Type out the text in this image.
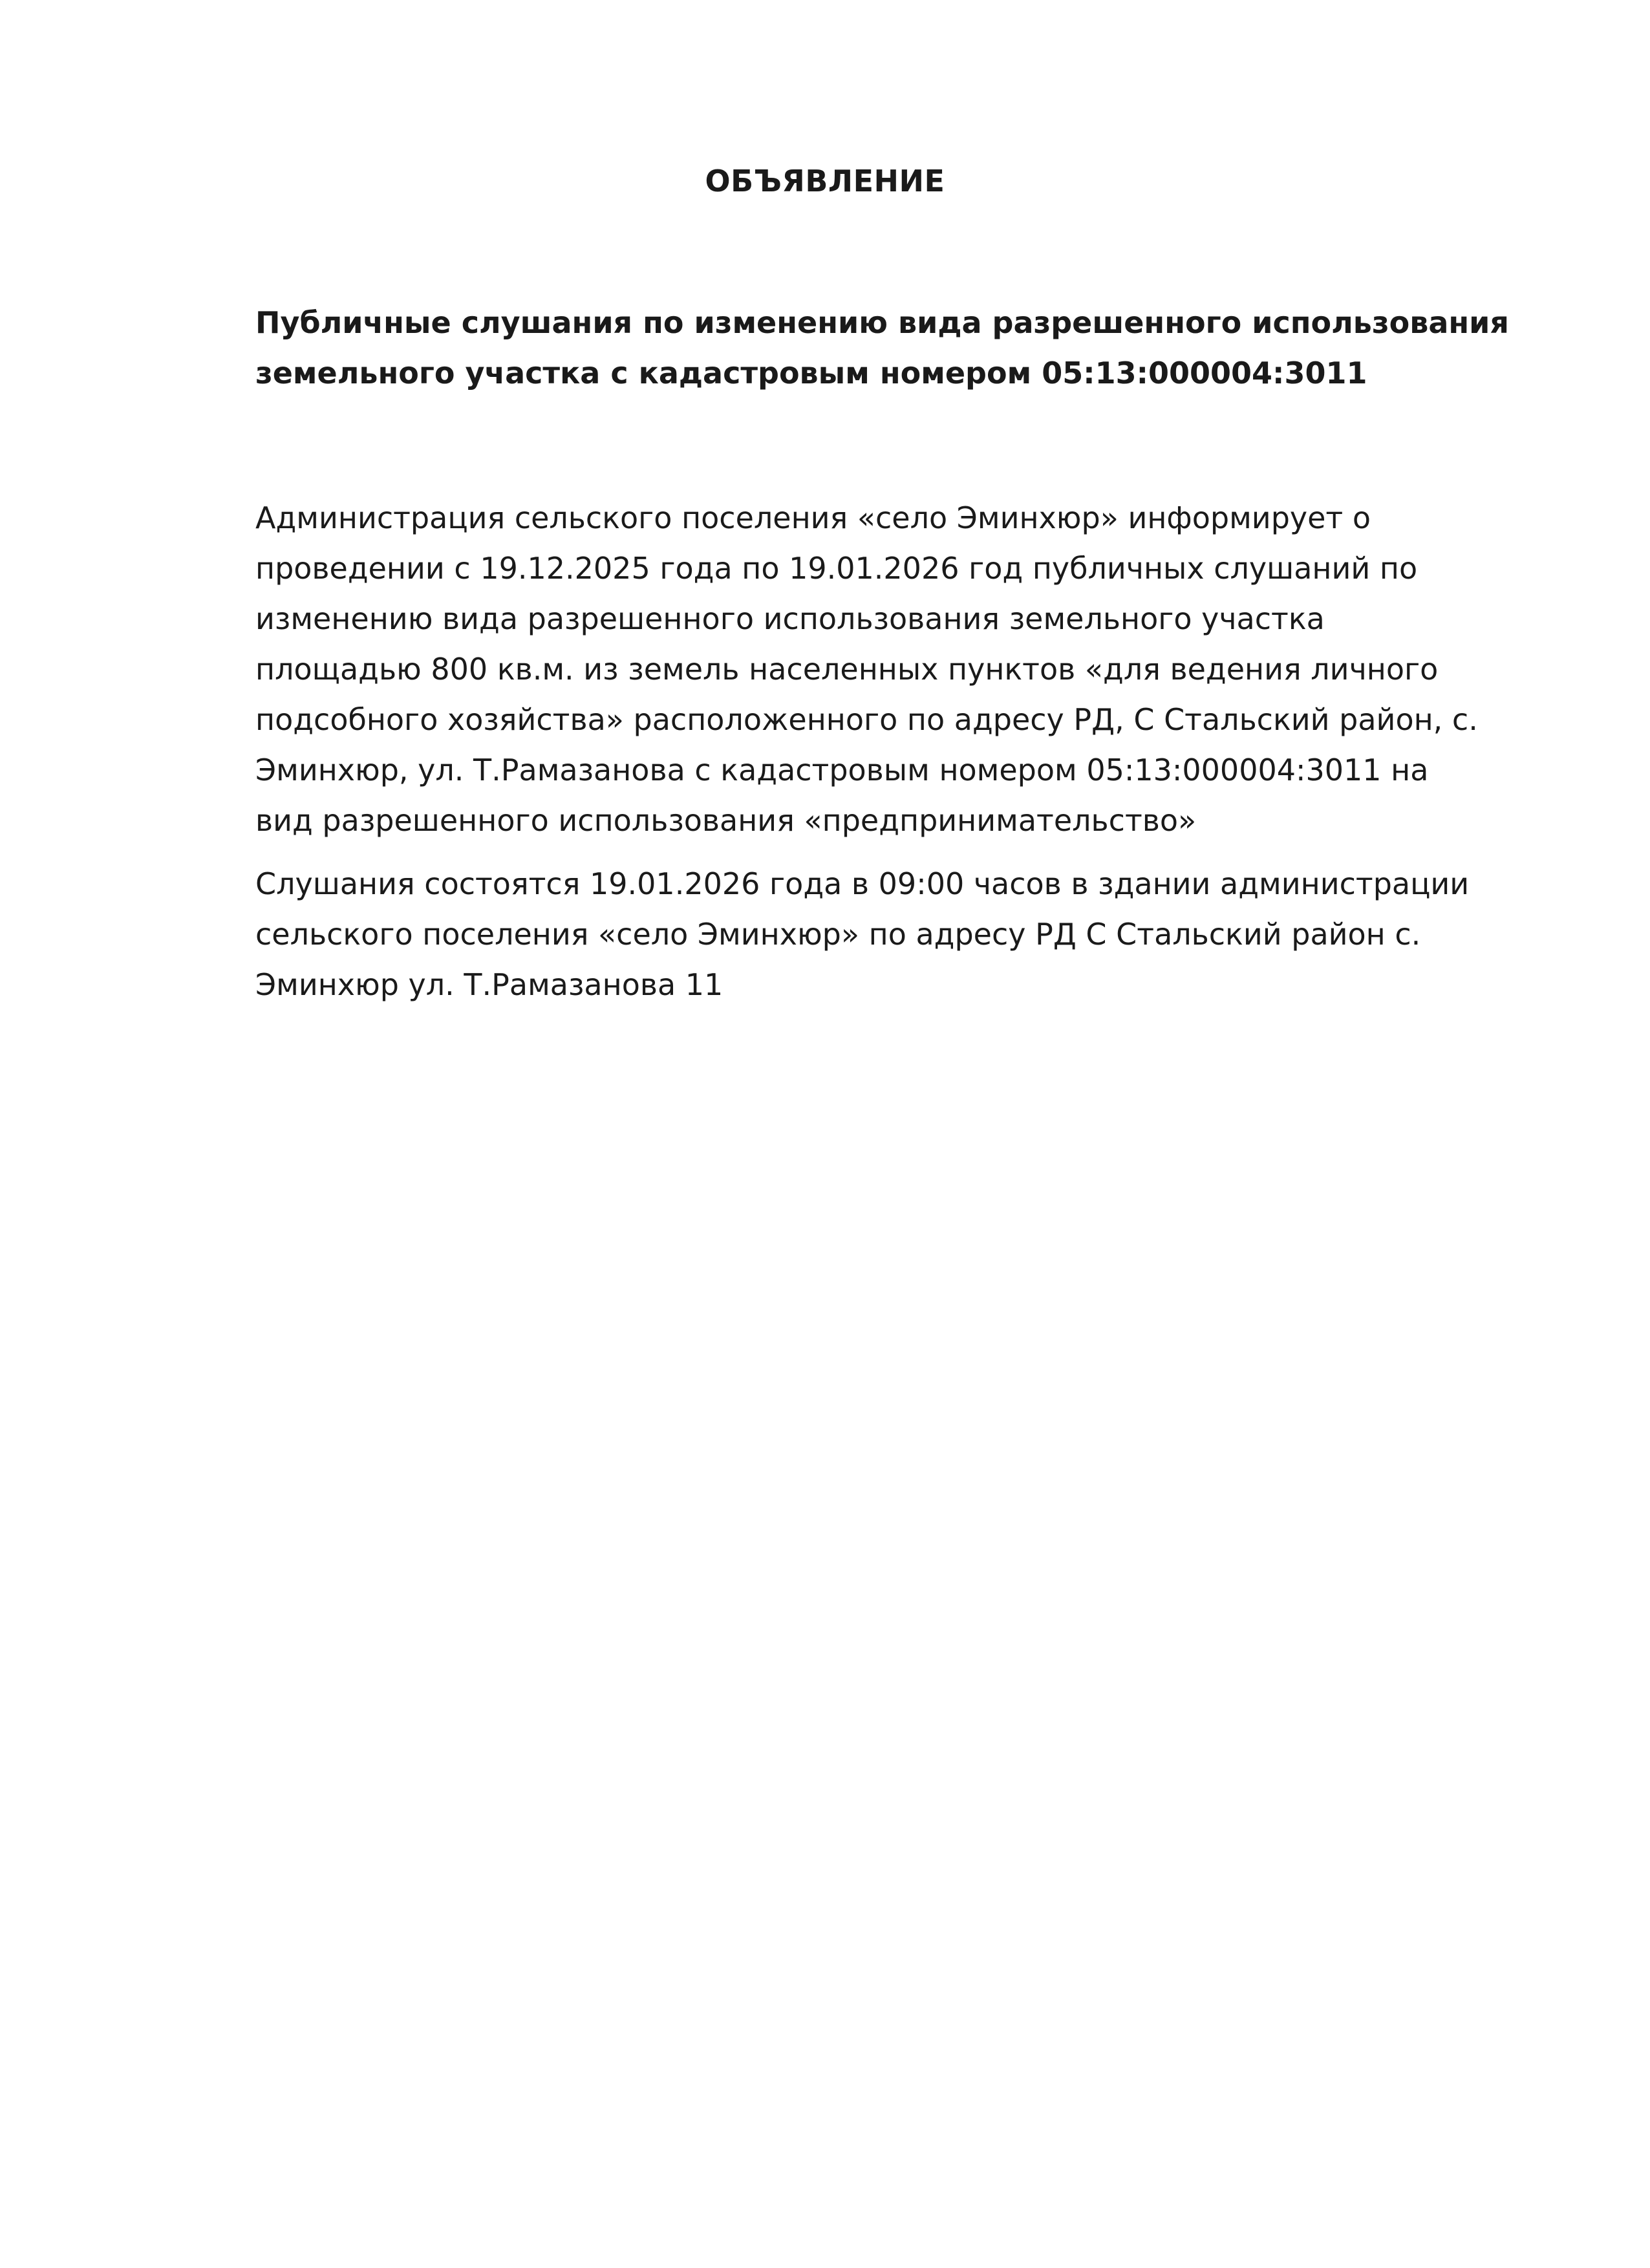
ОБЪЯВЛЕНИЕ
Публичные слушания по изменению вида разрешенного использования
земельного участка с кадастровым номером 05:13:000004:3011

Администрация сельского поселения «село Эминхюр» информирует о
проведении с 19.12.2025 года по 19.01.2026 год публичных слушаний по
изменению вида разрешенного использования земельного участка
площадью 800 кв.м. из земель населенных пунктов «для ведения личного
подсобного хозяйства» расположенного по адресу РД, С Стальский район, с.
Эминхюр, ул. Т.Рамазанова с кадастровым номером 05:13:000004:3011 на
вид разрешенного использования «предпринимательство»

Слушания состоятся 19.01.2026 года в 09:00 часов в здании администрации
сельского поселения «село Эминхюр» по адресу РД С Стальский район с.
Эминхюр ул. Т.Рамазанова 11
